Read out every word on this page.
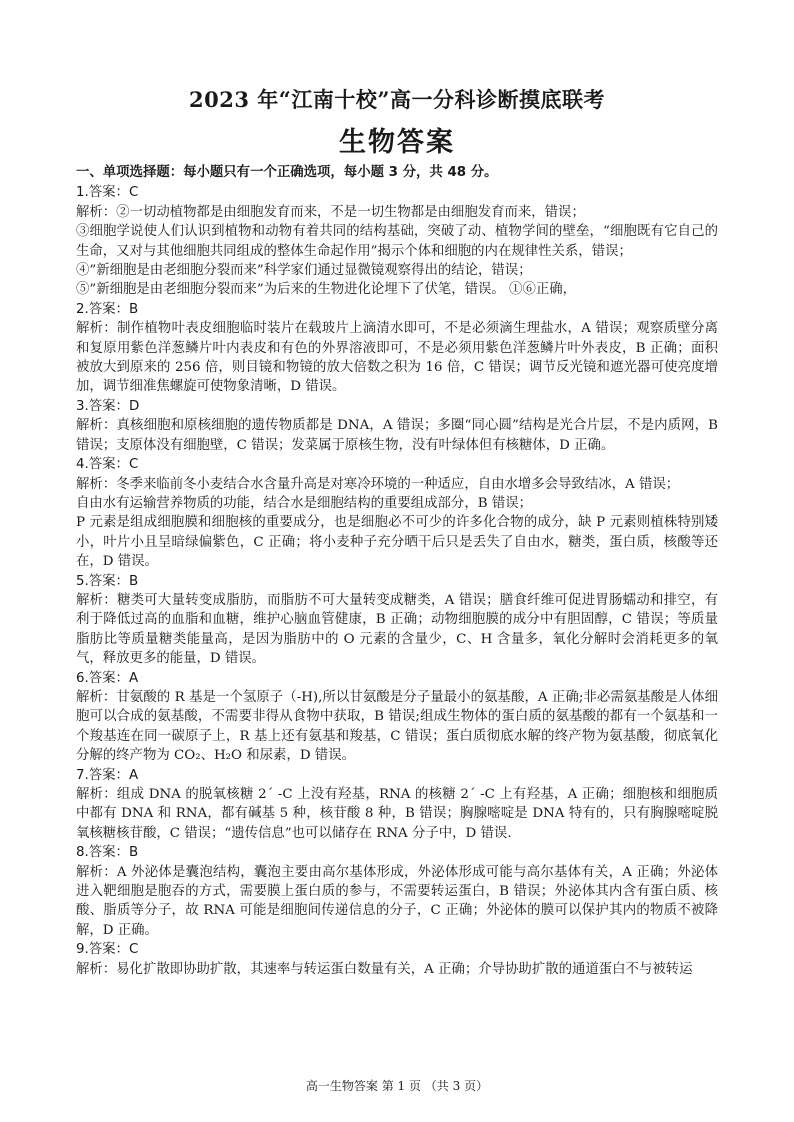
2023 年“江南十校”高一分科诊断摸底联考
生物答案
一、单项选择题：每小题只有一个正确选项，每小题 3 分，共 48 分。
1.答案：C
解析：②一切动植物都是由细胞发育而来，不是一切生物都是由细胞发育而来，错误；
③细胞学说使人们认识到植物和动物有着共同的结构基础，突破了动、植物学间的壁垒，“细胞既有它自己的生命，又对与其他细胞共同组成的整体生命起作用”揭示个体和细胞的内在规律性关系，错误；
④”新细胞是由老细胞分裂而来”科学家们通过显微镜观察得出的结论，错误；
⑤”新细胞是由老细胞分裂而来”为后来的生物进化论埋下了伏笔，错误。 ①⑥正确，
2.答案：B
解析：制作植物叶表皮细胞临时装片在载玻片上滴清水即可，不是必须滴生理盐水，A 错误；观察质壁分离和复原用紫色洋葱鳞片叶内表皮和有色的外界溶液即可，不是必须用紫色洋葱鳞片叶外表皮，B 正确；面积被放大到原来的 256 倍，则目镜和物镜的放大倍数之积为 16 倍，C 错误；调节反光镜和遮光器可使亮度增加，调节细准焦螺旋可使物象清晰，D 错误。
3.答案：D
解析：真核细胞和原核细胞的遗传物质都是 DNA，A 错误；多圈“同心圆”结构是光合片层，不是内质网，B 错误；支原体没有细胞壁，C 错误；发菜属于原核生物，没有叶绿体但有核糖体，D 正确。
4.答案：C
解析：冬季来临前冬小麦结合水含量升高是对寒冷环境的一种适应，自由水增多会导致结冰，A 错误；
自由水有运输营养物质的功能，结合水是细胞结构的重要组成部分，B 错误；
P 元素是组成细胞膜和细胞核的重要成分，也是细胞必不可少的许多化合物的成分，缺 P 元素则植株特别矮小，叶片小且呈暗绿偏紫色，C 正确；将小麦种子充分晒干后只是丢失了自由水，糖类，蛋白质，核酸等还在，D 错误。
5.答案：B
解析：糖类可大量转变成脂肪，而脂肪不可大量转变成糖类，A 错误；膳食纤维可促进胃肠蠕动和排空，有利于降低过高的血脂和血糖，维护心脑血管健康，B 正确；动物细胞膜的成分中有胆固醇，C 错误；等质量脂肪比等质量糖类能量高，是因为脂肪中的 O 元素的含量少，C、H 含量多，氧化分解时会消耗更多的氧气，释放更多的能量，D 错误。
6.答案：A
解析：甘氨酸的 R 基是一个氢原子（-H),所以甘氨酸是分子量最小的氨基酸，A 正确;非必需氨基酸是人体细胞可以合成的氨基酸，不需要非得从食物中获取，B 错误;组成生物体的蛋白质的氨基酸的都有一个氨基和一个羧基连在同一碳原子上，R 基上还有氨基和羧基，C 错误；蛋白质彻底水解的终产物为氨基酸，彻底氧化分解的终产物为 CO₂、H₂O 和尿素，D 错误。
7.答案：A
解析：组成 DNA 的脱氧核糖 2´ -C 上没有羟基，RNA 的核糖 2´ -C 上有羟基，A 正确；细胞核和细胞质中都有 DNA 和 RNA，都有碱基 5 种，核苷酸 8 种，B 错误；胸腺嘧啶是 DNA 特有的，只有胸腺嘧啶脱氧核糖核苷酸，C 错误；“遗传信息”也可以储存在 RNA 分子中，D 错误.
8.答案：B
解析：A 外泌体是囊泡结构，囊泡主要由高尔基体形成，外泌体形成可能与高尔基体有关，A 正确；外泌体进入靶细胞是胞吞的方式，需要膜上蛋白质的参与，不需要转运蛋白，B 错误；外泌体其内含有蛋白质、核酸、脂质等分子，故 RNA 可能是细胞间传递信息的分子，C 正确；外泌体的膜可以保护其内的物质不被降解，D 正确。
9.答案：C
解析：易化扩散即协助扩散，其速率与转运蛋白数量有关，A 正确；介导协助扩散的通道蛋白不与被转运
高一生物答案 第 1 页 （共 3 页）
